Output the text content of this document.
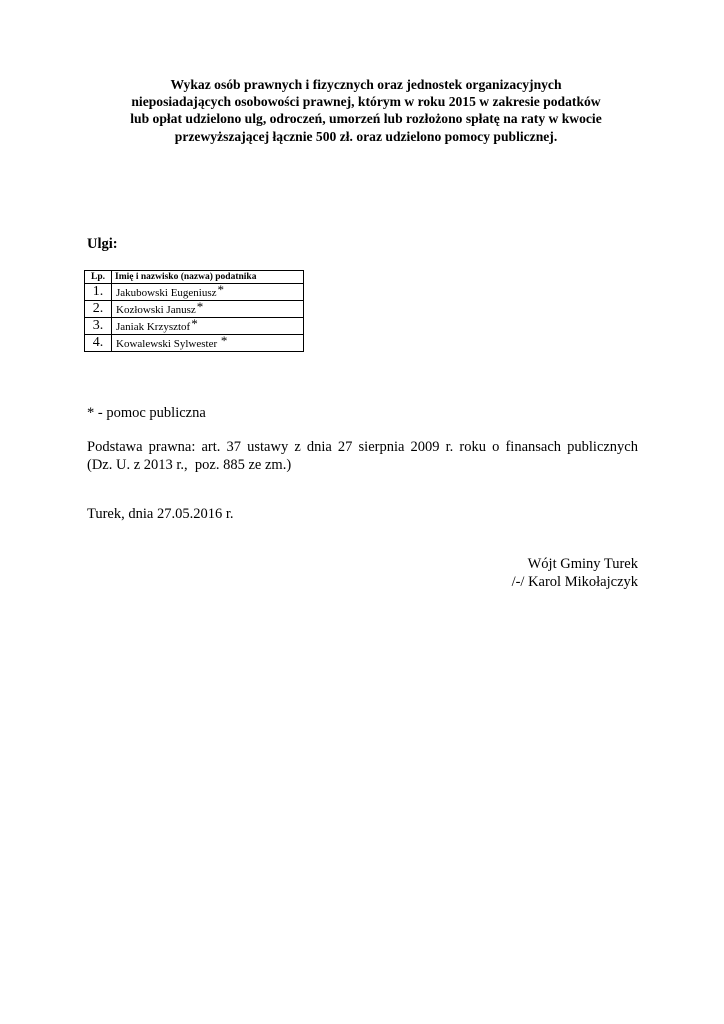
Wykaz osób prawnych i fizycznych oraz jednostek organizacyjnych
nieposiadających osobowości prawnej, którym w roku 2015 w zakresie podatków
lub opłat udzielono ulg, odroczeń, umorzeń lub rozłożono spłatę na raty w kwocie
przewyższającej łącznie 500 zł. oraz udzielono pomocy publicznej.
Ulgi:
Lp.	Imię i nazwisko (nazwa) podatnika
1.	Jakubowski Eugeniusz*
2.	Kozłowski Janusz*
3.	Janiak Krzysztof*
4.	Kowalewski Sylwester *
* - pomoc publiczna
Podstawa prawna: art. 37 ustawy z dnia 27 sierpnia 2009 r. roku o finansach publicznych
(Dz. U. z 2013 r.,  poz. 885 ze zm.)
Turek, dnia 27.05.2016 r.
Wójt Gminy Turek
/-/ Karol Mikołajczyk
